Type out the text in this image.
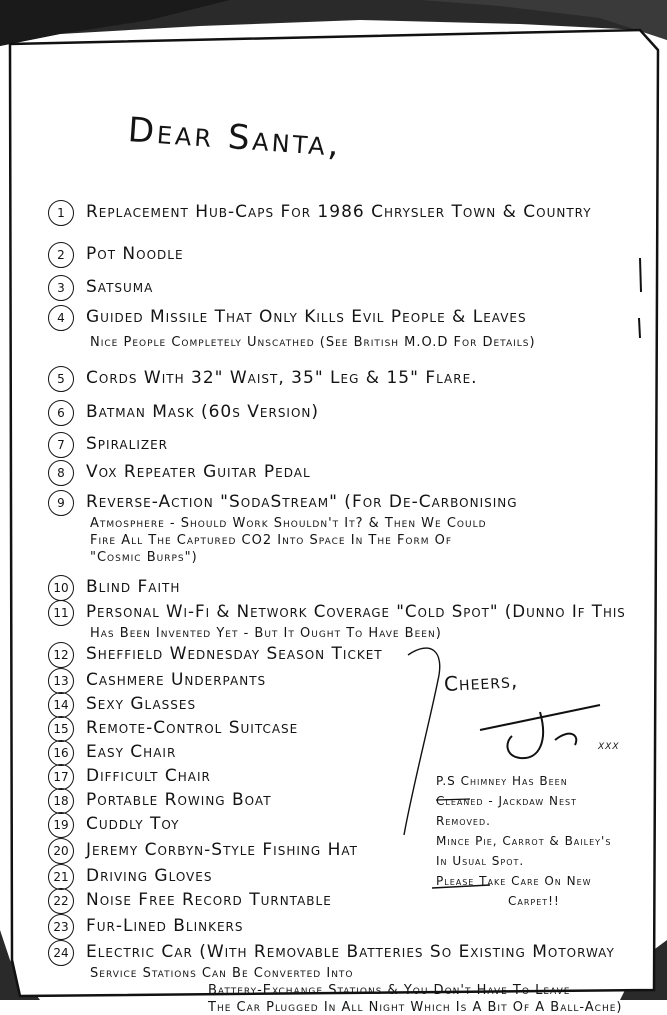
Dear Santa,
1	Replacement Hub-Caps For 1986 Chrysler Town & Country
2	Pot Noodle
3	Satsuma
4	Guided Missile That Only Kills Evil People & Leaves
Nice People Completely Unscathed (See British M.O.D For Details)
5	Cords With 32" Waist, 35" Leg & 15" Flare.
6	Batman Mask (60s Version)
7	Spiralizer
8	Vox Repeater Guitar Pedal
9	Reverse-Action "SodaStream" (For De-Carbonising
Atmosphere - Should Work Shouldn't It? & Then We Could
Fire All The Captured CO2 Into Space In The Form Of
"Cosmic Burps")
10	Blind Faith
11	Personal Wi-Fi & Network Coverage "Cold Spot" (Dunno If This
Has Been Invented Yet - But It Ought To Have Been)
12	Sheffield Wednesday Season Ticket
13	Cashmere Underpants
14	Sexy Glasses
15	Remote-Control Suitcase
16	Easy Chair
17	Difficult Chair
18	Portable Rowing Boat
19	Cuddly Toy
20	Jeremy Corbyn-Style Fishing Hat
21	Driving Gloves
22	Noise Free Record Turntable
23	Fur-Lined Blinkers
24	Electric Car (With Removable Batteries So Existing Motorway
Service Stations Can Be Converted Into
Battery-Exchange Stations & You Don't Have To Leave
The Car Plugged In All Night Which Is A Bit Of A Ball-Ache)
Cheers,
xxx
P.S Chimney Has Been
Cleaned - Jackdaw Nest
Removed.
Mince Pie, Carrot & Bailey's
In Usual Spot.
Please Take Care On New
Carpet!!
